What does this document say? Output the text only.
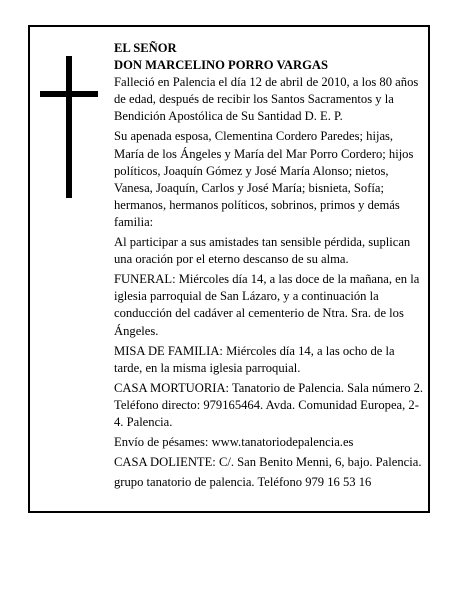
EL SEÑOR
DON MARCELINO PORRO VARGAS
Falleció en Palencia el día 12 de abril de 2010, a los 80 años de edad, después de recibir los Santos Sacramentos y la Bendición Apostólica de Su Santidad D. E. P.
Su apenada esposa, Clementina Cordero Paredes; hijas, María de los Ángeles y María del Mar Porro Cordero; hijos políticos, Joaquín Gómez y José María Alonso; nietos, Vanesa, Joaquín, Carlos y José María; bisnieta, Sofía; hermanos, hermanos políticos, sobrinos, primos y demás familia:
Al participar a sus amistades tan sensible pérdida, suplican una oración por el eterno descanso de su alma.
FUNERAL: Miércoles día 14, a las doce de la mañana, en la iglesia parroquial de San Lázaro, y a continuación la conducción del cadáver al cementerio de Ntra. Sra. de los Ángeles.
MISA DE FAMILIA: Miércoles día 14, a las ocho de la tarde, en la misma iglesia parroquial.
CASA MORTUORIA: Tanatorio de Palencia. Sala número 2. Teléfono directo: 979165464. Avda. Comunidad Europea, 2-4. Palencia.
Envío de pésames: www.tanatoriodepalencia.es
CASA DOLIENTE: C/. San Benito Menni, 6, bajo. Palencia.
grupo tanatorio de palencia. Teléfono 979 16 53 16
